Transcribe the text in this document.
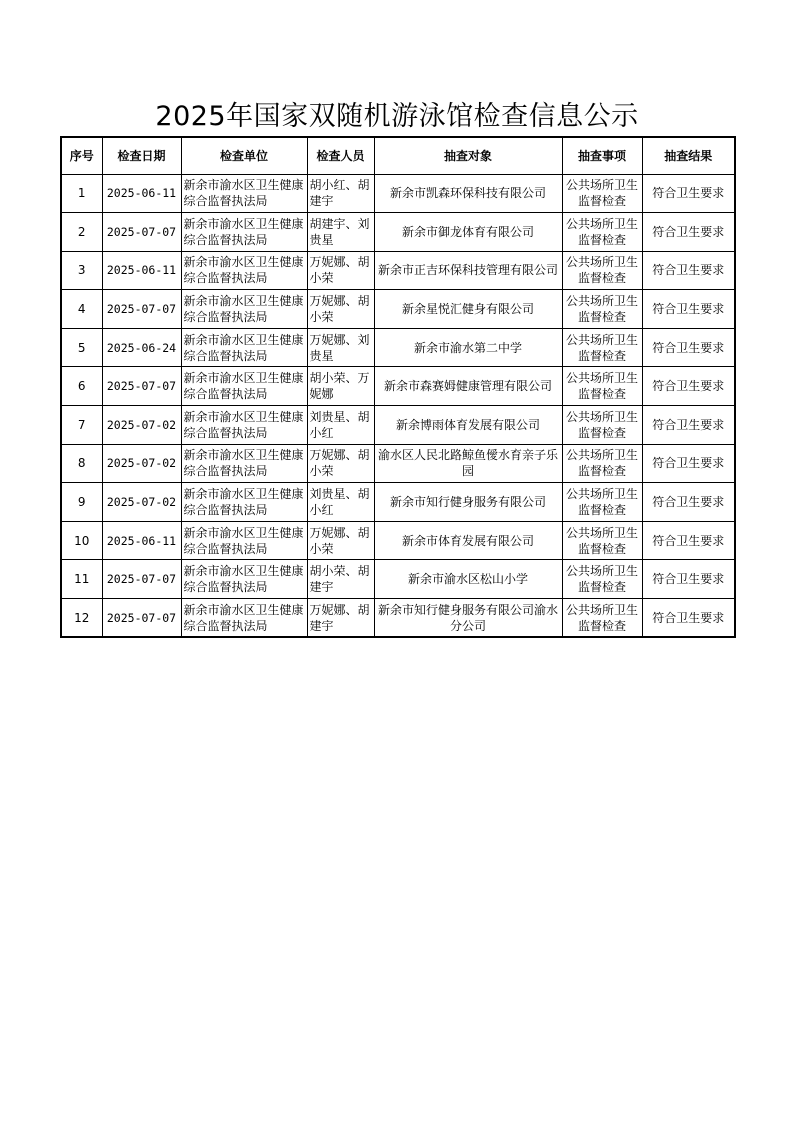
2025年国家双随机游泳馆检查信息公示
序号	检查日期	检查单位	检查人员	抽查对象	抽查事项	抽查结果
1	2025-06-11	新余市渝水区卫生健康综合监督执法局	胡小红、胡建宇	新余市凯森环保科技有限公司	公共场所卫生监督检查	符合卫生要求
2	2025-07-07	新余市渝水区卫生健康综合监督执法局	胡建宇、刘贵星	新余市御龙体育有限公司	公共场所卫生监督检查	符合卫生要求
3	2025-06-11	新余市渝水区卫生健康综合监督执法局	万妮娜、胡小荣	新余市正吉环保科技管理有限公司	公共场所卫生监督检查	符合卫生要求
4	2025-07-07	新余市渝水区卫生健康综合监督执法局	万妮娜、胡小荣	新余星悦汇健身有限公司	公共场所卫生监督检查	符合卫生要求
5	2025-06-24	新余市渝水区卫生健康综合监督执法局	万妮娜、刘贵星	新余市渝水第二中学	公共场所卫生监督检查	符合卫生要求
6	2025-07-07	新余市渝水区卫生健康综合监督执法局	胡小荣、万妮娜	新余市森赛姆健康管理有限公司	公共场所卫生监督检查	符合卫生要求
7	2025-07-02	新余市渝水区卫生健康综合监督执法局	刘贵星、胡小红	新余博雨体育发展有限公司	公共场所卫生监督检查	符合卫生要求
8	2025-07-02	新余市渝水区卫生健康综合监督执法局	万妮娜、胡小荣	渝水区人民北路鲸鱼僾水育亲子乐园	公共场所卫生监督检查	符合卫生要求
9	2025-07-02	新余市渝水区卫生健康综合监督执法局	刘贵星、胡小红	新余市知行健身服务有限公司	公共场所卫生监督检查	符合卫生要求
10	2025-06-11	新余市渝水区卫生健康综合监督执法局	万妮娜、胡小荣	新余市体育发展有限公司	公共场所卫生监督检查	符合卫生要求
11	2025-07-07	新余市渝水区卫生健康综合监督执法局	胡小荣、胡建宇	新余市渝水区松山小学	公共场所卫生监督检查	符合卫生要求
12	2025-07-07	新余市渝水区卫生健康综合监督执法局	万妮娜、胡建宇	新余市知行健身服务有限公司渝水分公司	公共场所卫生监督检查	符合卫生要求
